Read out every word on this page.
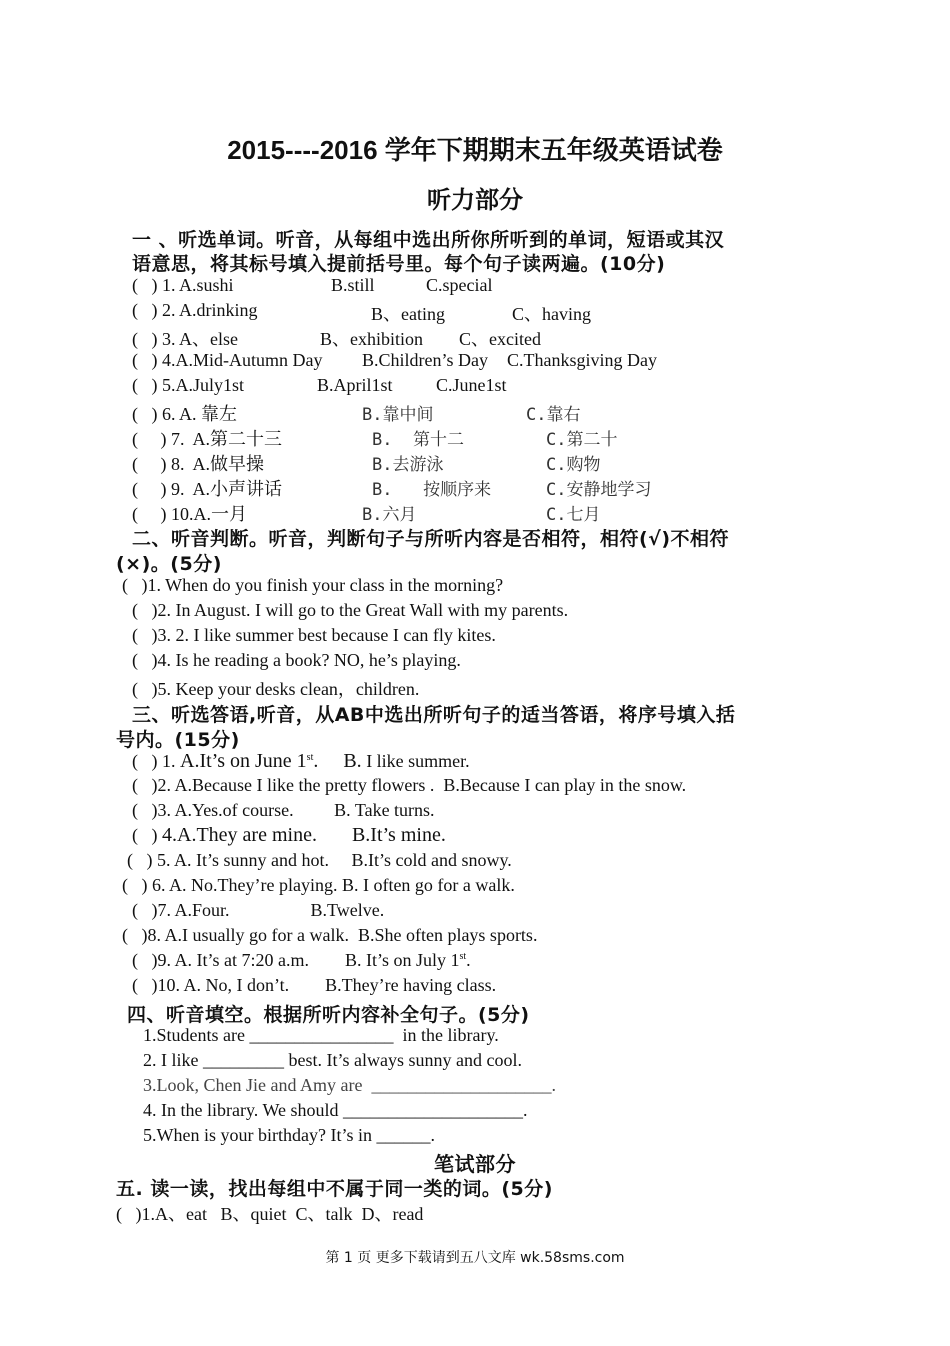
2015----2016 学年下期期末五年级英语试卷
听力部分
一 、听选单词。听音，从每组中选出所你所听到的单词，短语或其汉
语意思，将其标号填入提前括号里。每个句子读两遍。(10分)
(   ) 1. A.sushi	B.still	C.special
(   ) 2. A.drinking	B、eating	C、having
(   ) 3. A、else	B、exhibition C、excited
(   ) 4.A.Mid-Autumn Day B.Children’s Day C.Thanksgiving Day
(   ) 5.A.July1st	B.April1st C.June1st
(   ) 6. A. 靠左	B.靠中间	C.靠右
(     ) 7.  A.第二十三	B.  第十二	C.第二十
(     ) 8.  A.做早操	B.去游泳	C.购物
(     ) 9.  A.小声讲话	B.   按顺序来	C.安静地学习
(     ) 10.A.一月	B.六月	C.七月
二、听音判断。听音，判断句子与所听内容是否相符，相符(√)不相符
(×)。(5分)
(   )1. When do you finish your class in the morning?
(   )2. In August. I will go to the Great Wall with my parents.
(   )3. 2. I like summer best because I can fly kites.
(   )4. Is he reading a book? NO, he’s playing.
(   )5. Keep your desks clean，children.
三、听选答语,听音，从AB中选出所听句子的适当答语，将序号填入括
号内。(15分)
(   ) 1. A.It’s on June 1st.     B. I like summer.
(   )2. A.Because I like the pretty flowers .  B.Because I can play in the snow.
(   )3. A.Yes.of course.         B. Take turns.
(   ) 4.A.They are mine.       B.It’s mine.
(   ) 5. A. It’s sunny and hot.     B.It’s cold and snowy.
(   ) 6. A. No.They’re playing. B. I often go for a walk.
(   )7. A.Four.                  B.Twelve.
(   )8. A.I usually go for a walk.  B.She often plays sports.
(   )9. A. It’s at 7:20 a.m.        B. It’s on July 1st.
(   )10. A. No, I don’t.        B.They’re having class.
四、听音填空。根据所听内容补全句子。(5分)
1.Students are ________________  in the library.
2. I like _________ best. It’s always sunny and cool.
3.Look, Chen Jie and Amy are  ____________________.
4. In the library. We should ____________________.
5.When is your birthday? It’s in ______.
笔试部分
五. 读一读，找出每组中不属于同一类的词。(5分)
(   )1.A、eat   B、quiet  C、talk  D、read
第 1 页 更多下载请到五八文库 wk.58sms.com
